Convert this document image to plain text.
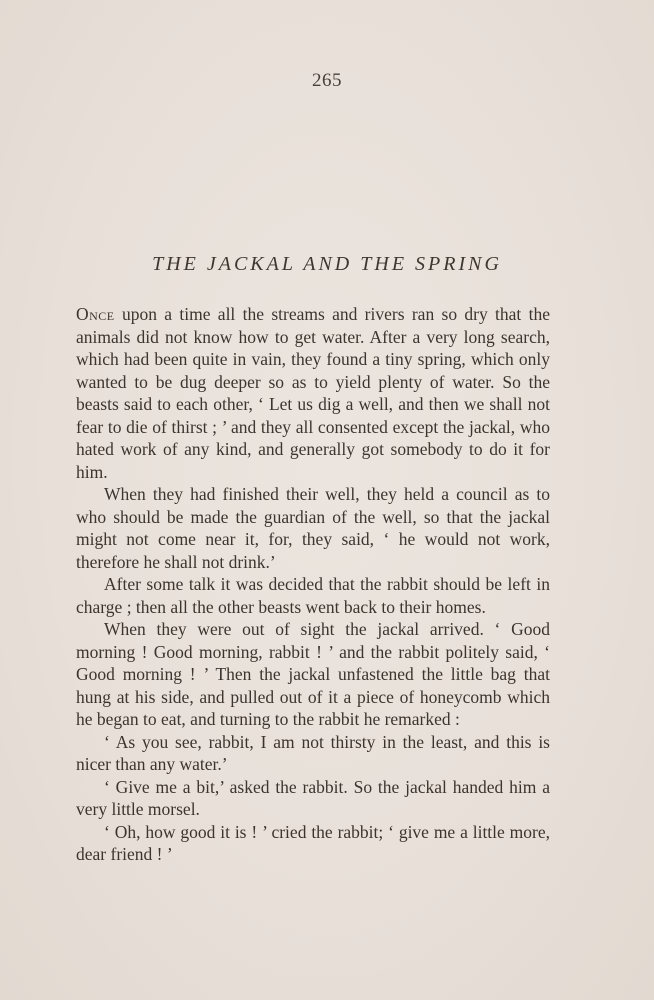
265
THE JACKAL AND THE SPRING

Once upon a time all the streams and rivers ran so dry that the animals did not know how to get water. After a very long search, which had been quite in vain, they found a tiny spring, which only wanted to be dug deeper so as to yield plenty of water. So the beasts said to each other, ‘ Let us dig a well, and then we shall not fear to die of thirst ; ’ and they all consented except the jackal, who hated work of any kind, and generally got somebody to do it for him.

When they had finished their well, they held a council as to who should be made the guardian of the well, so that the jackal might not come near it, for, they said, ‘ he would not work, therefore he shall not drink.’

After some talk it was decided that the rabbit should be left in charge ; then all the other beasts went back to their homes.

When they were out of sight the jackal arrived. ‘ Good morning ! Good morning, rabbit ! ’ and the rabbit politely said, ‘ Good morning ! ’ Then the jackal unfastened the little bag that hung at his side, and pulled out of it a piece of honeycomb which he began to eat, and turning to the rabbit he remarked :

‘ As you see, rabbit, I am not thirsty in the least, and this is nicer than any water.’

‘ Give me a bit,’ asked the rabbit. So the jackal handed him a very little morsel.

‘ Oh, how good it is ! ’ cried the rabbit; ‘ give me a little more, dear friend ! ’
